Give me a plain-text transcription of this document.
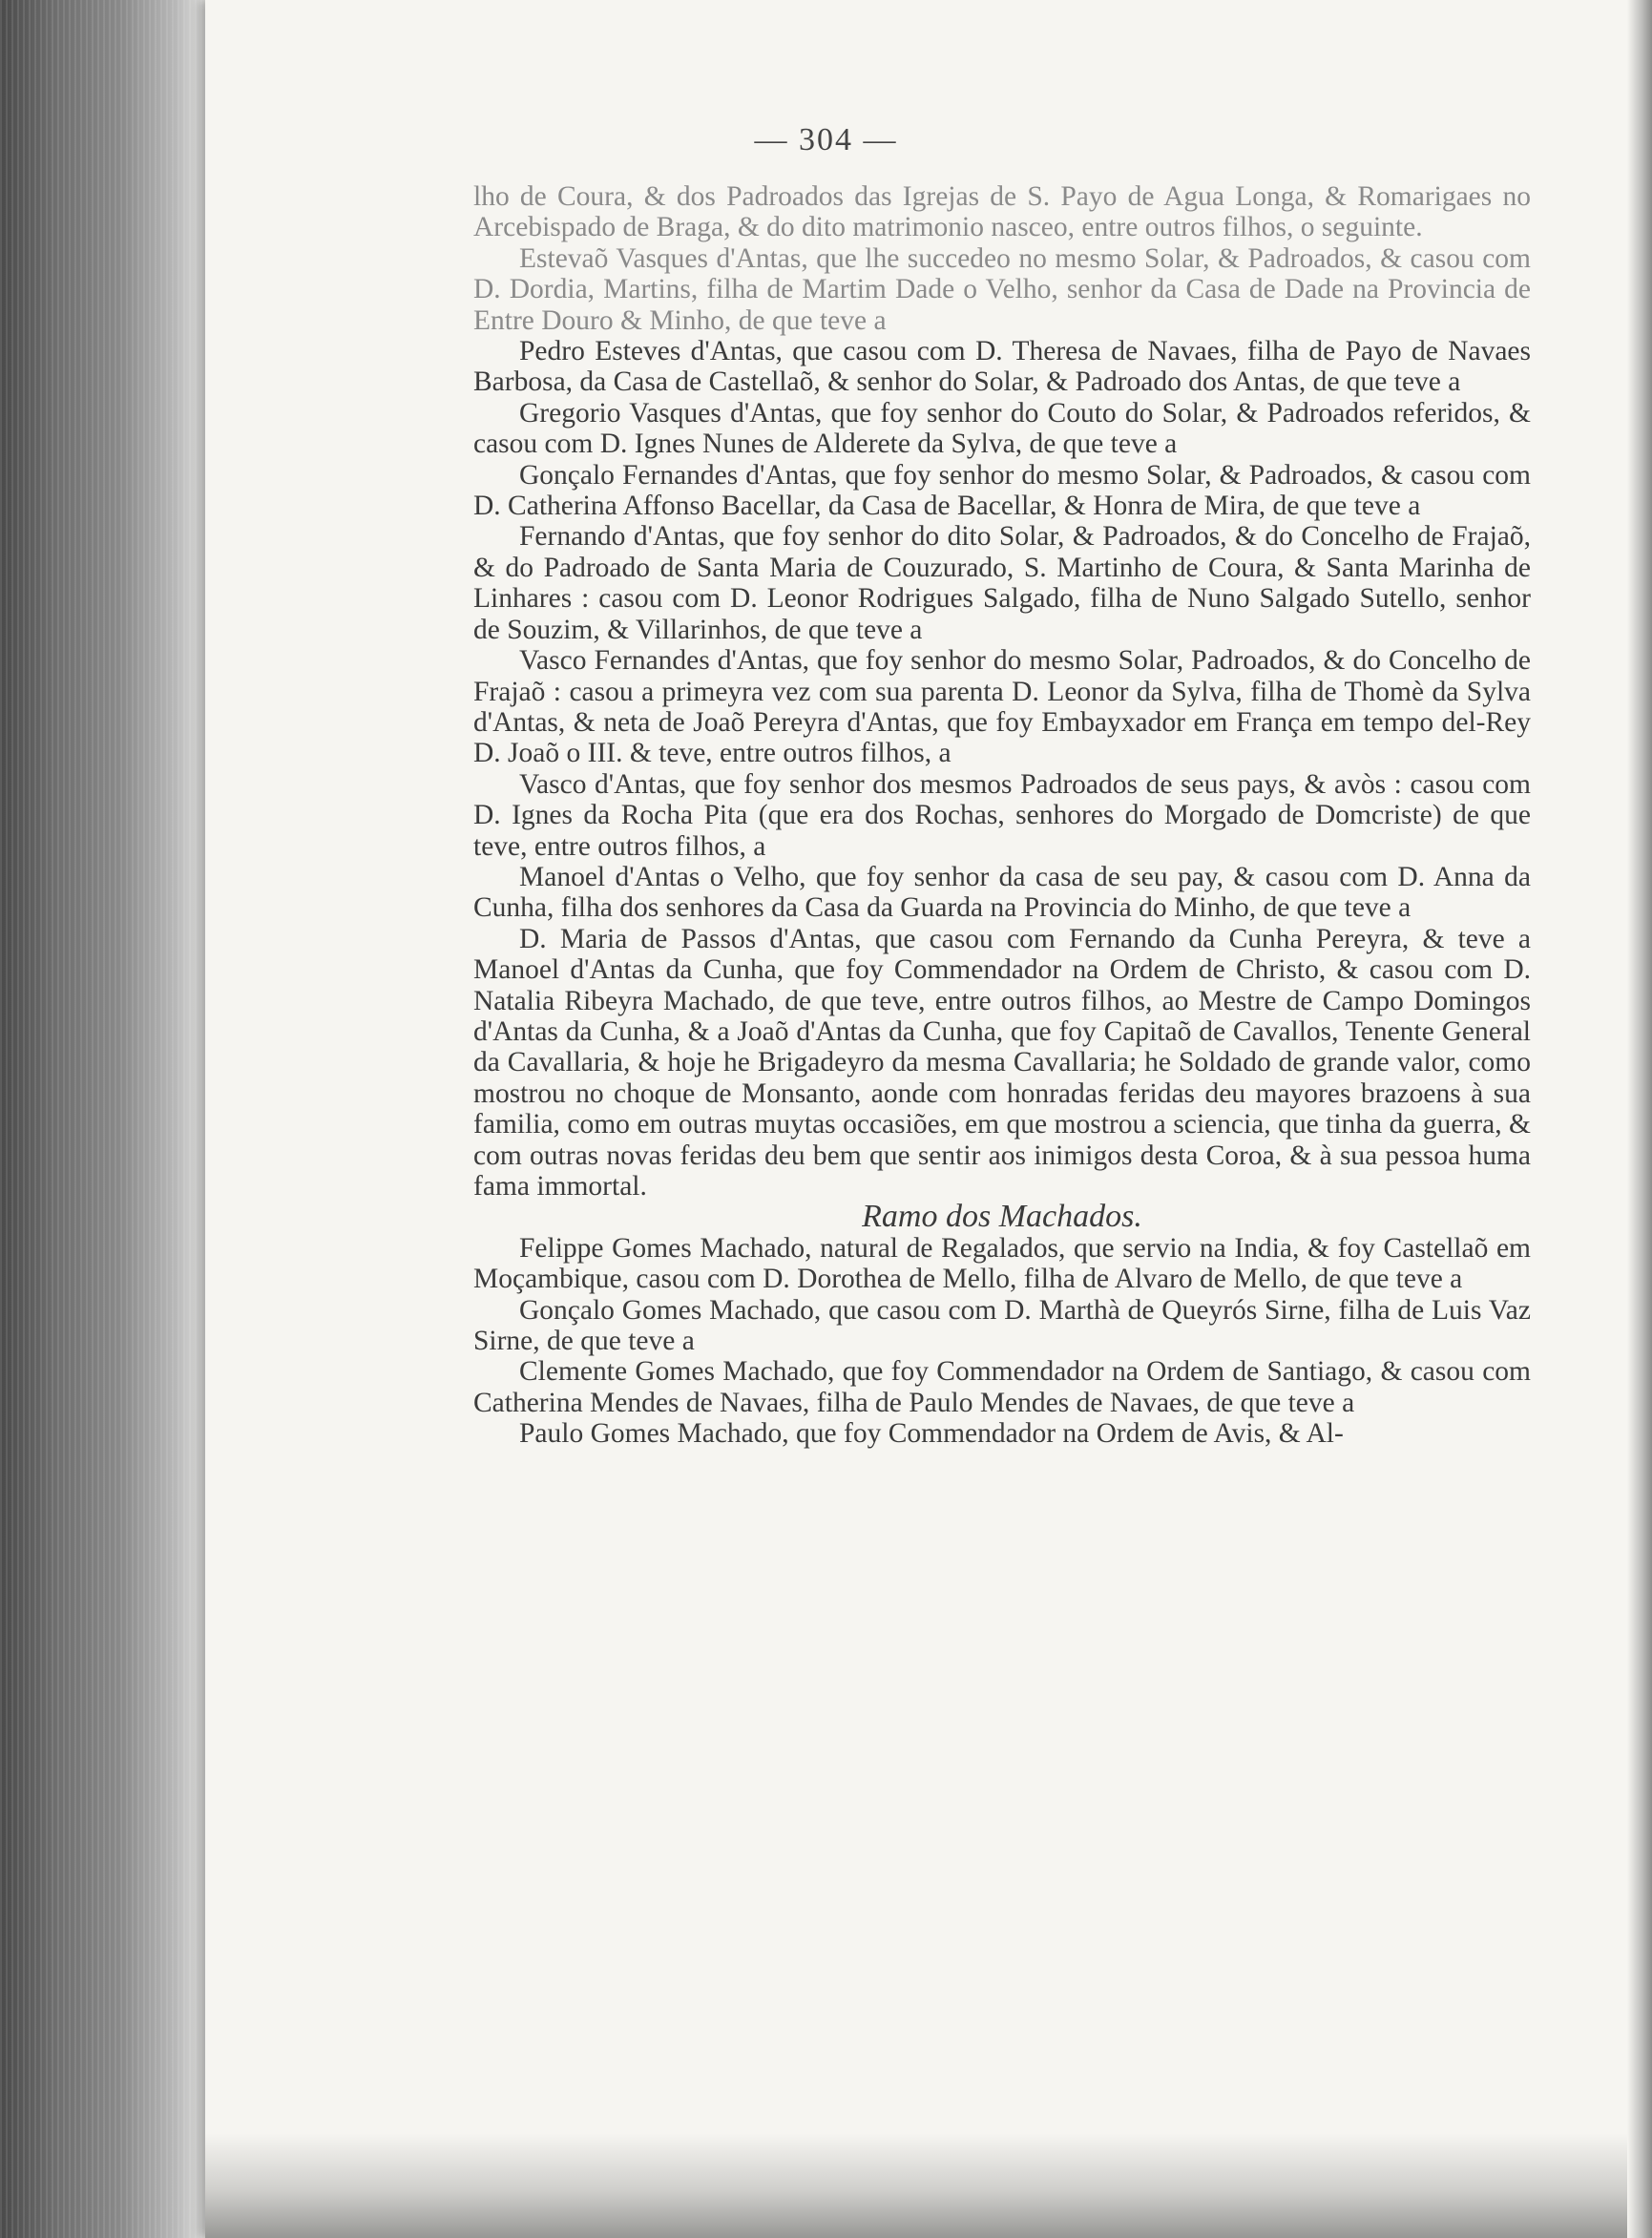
— 304 —

lho de Coura, & dos Padroados das Igrejas de S. Payo de Agua Longa, & Romarigaes no Arcebispado de Braga, & do dito matrimonio nasceo, entre outros filhos, o seguinte.

Estevaõ Vasques d'Antas, que lhe succedeo no mesmo Solar, & Padroados, & casou com D. Dordia, Martins, filha de Martim Dade o Velho, senhor da Casa de Dade na Provincia de Entre Douro & Minho, de que teve a

Pedro Esteves d'Antas, que casou com D. Theresa de Navaes, filha de Payo de Navaes Barbosa, da Casa de Castellaõ, & senhor do Solar, & Padroado dos Antas, de que teve a

Gregorio Vasques d'Antas, que foy senhor do Couto do Solar, & Padroados referidos, & casou com D. Ignes Nunes de Alderete da Sylva, de que teve a

Gonçalo Fernandes d'Antas, que foy senhor do mesmo Solar, & Padroados, & casou com D. Catherina Affonso Bacellar, da Casa de Bacellar, & Honra de Mira, de que teve a

Fernando d'Antas, que foy senhor do dito Solar, & Padroados, & do Concelho de Frajaõ, & do Padroado de Santa Maria de Couzurado, S. Martinho de Coura, & Santa Marinha de Linhares : casou com D. Leonor Rodrigues Salgado, filha de Nuno Salgado Sutello, senhor de Souzim, & Villarinhos, de que teve a

Vasco Fernandes d'Antas, que foy senhor do mesmo Solar, Padroados, & do Concelho de Frajaõ : casou a primeyra vez com sua parenta D. Leonor da Sylva, filha de Thomè da Sylva d'Antas, & neta de Joaõ Pereyra d'Antas, que foy Embayxador em França em tempo del-Rey D. Joaõ o III. & teve, entre outros filhos, a

Vasco d'Antas, que foy senhor dos mesmos Padroados de seus pays, & avòs : casou com D. Ignes da Rocha Pita (que era dos Rochas, senhores do Morgado de Domcriste) de que teve, entre outros filhos, a

Manoel d'Antas o Velho, que foy senhor da casa de seu pay, & casou com D. Anna da Cunha, filha dos senhores da Casa da Guarda na Provincia do Minho, de que teve a

D. Maria de Passos d'Antas, que casou com Fernando da Cunha Pereyra, & teve a Manoel d'Antas da Cunha, que foy Commendador na Ordem de Christo, & casou com D. Natalia Ribeyra Machado, de que teve, entre outros filhos, ao Mestre de Campo Domingos d'Antas da Cunha, & a Joaõ d'Antas da Cunha, que foy Capitaõ de Cavallos, Tenente General da Cavallaria, & hoje he Brigadeyro da mesma Cavallaria; he Soldado de grande valor, como mostrou no choque de Monsanto, aonde com honradas feridas deu mayores brazoens à sua familia, como em outras muytas occasiões, em que mostrou a sciencia, que tinha da guerra, & com outras novas feridas deu bem que sentir aos inimigos desta Coroa, & à sua pessoa huma fama immortal.

Ramo dos Machados.

Felippe Gomes Machado, natural de Regalados, que servio na India, & foy Castellaõ em Moçambique, casou com D. Dorothea de Mello, filha de Alvaro de Mello, de que teve a

Gonçalo Gomes Machado, que casou com D. Marthà de Queyrós Sirne, filha de Luis Vaz Sirne, de que teve a

Clemente Gomes Machado, que foy Commendador na Ordem de Santiago, & casou com Catherina Mendes de Navaes, filha de Paulo Mendes de Navaes, de que teve a

Paulo Gomes Machado, que foy Commendador na Ordem de Avis, & Al-
